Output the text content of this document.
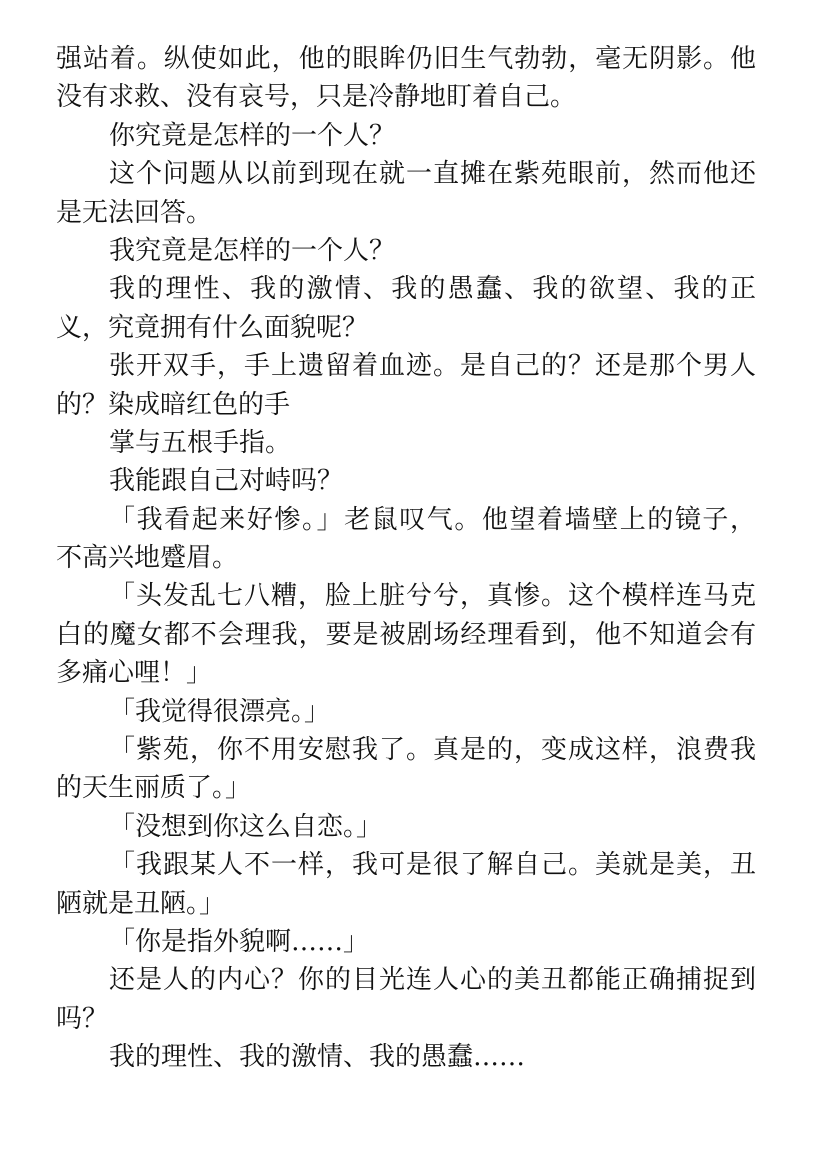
强站着。纵使如此，他的眼眸仍旧生气勃勃，毫无阴影。他
没有求救、没有哀号，只是冷静地盯着自己。
你究竟是怎样的一个人？
这个问题从以前到现在就一直摊在紫苑眼前，然而他还
是无法回答。
我究竟是怎样的一个人？
我的理性、我的激情、我的愚蠢、我的欲望、我的正
义，究竟拥有什么面貌呢？
张开双手，手上遗留着血迹。是自己的？还是那个男人
的？染成暗红色的手
掌与五根手指。
我能跟自己对峙吗？
「我看起来好惨。」老鼠叹气。他望着墙壁上的镜子，
不高兴地蹙眉。
「头发乱七八糟，脸上脏兮兮，真惨。这个模样连马克
白的魔女都不会理我，要是被剧场经理看到，他不知道会有
多痛心哩！」
「我觉得很漂亮。」
「紫苑，你不用安慰我了。真是的，变成这样，浪费我
的天生丽质了。」
「没想到你这么自恋。」
「我跟某人不一样，我可是很了解自己。美就是美，丑
陋就是丑陋。」
「你是指外貌啊……」
还是人的内心？你的目光连人心的美丑都能正确捕捉到
吗？
我的理性、我的激情、我的愚蠢……
